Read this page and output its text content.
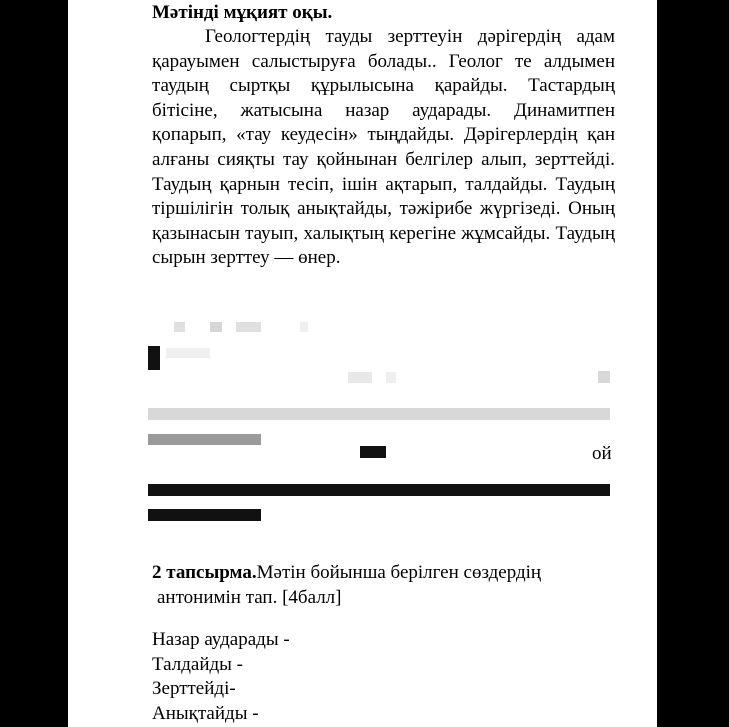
Мәтінді мұқият оқы.
Геологтердің тауды зерттеуін дәрігердің адам қарауымен салыстыруға болады.. Геолог те алдымен таудың сыртқы құрылысына қарайды. Тастардың бітісіне, жатысына назар аударады. Динамитпен қопарып, «тау кеудесін» тыңдайды. Дәрігерлердің қан алғаны сияқты тау қойнынан белгілер алып, зерттейді. Таудың қарнын тесіп, ішін ақтарып, талдайды. Таудың тіршілігін толық анықтайды, тәжірибе жүргізеді. Оның қазынасын тауып, халықтың керегіне жұмсайды. Таудың сырын зерттеу — өнер.
ой
2 тапсырма.Мәтін бойынша берілген сөздердің
антонимін тап. [4балл]
Назар аударады -
Талдайды -
Зерттейді-
Анықтайды -
